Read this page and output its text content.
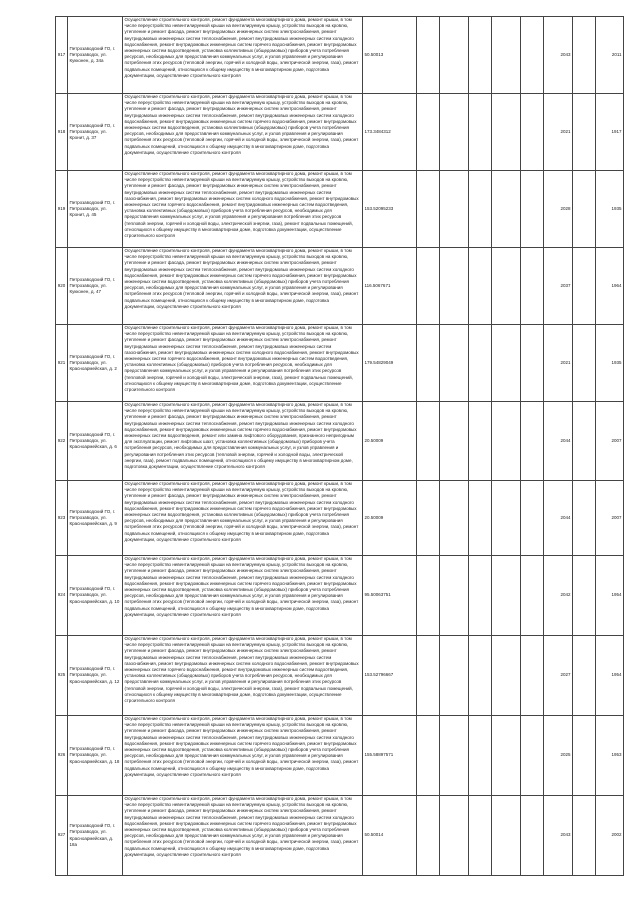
917	Петрозаводский ГО, г. Петрозаводск, ул. Кукконен, д. 34а	Осуществление строительного контроля, ремонт фундамента многоквартирного дома, ремонт крыши, в том числе переустройство невентилируемой крыши на вентилируемую крышу, устройство выходов на кровлю, утепление и ремонт фасада, ремонт внутридомовых инженерных систем электроснабжения, ремонт внутридомовых инженерных систем теплоснабжения, ремонт внутридомовых инженерных систем холодного водоснабжения, ремонт внутридомовых инженерных систем горячего водоснабжения, ремонт внутридомовых инженерных систем водоотведения, установка коллективных (общедомовых) приборов учета потребления ресурсов, необходимых для предоставления коммунальных услуг, и узлов управления и регулирования потребления этих ресурсов (тепловой энергии, горячей и холодной воды, электрической энергии, газа), ремонт подвальных помещений, относящихся к общему имуществу в многоквартирном доме, подготовка документации, осуществление строительного контроля	50.50013						2043		2011
918	Петрозаводский ГО, г. Петрозаводск, ул. Кронит, д. 37	Осуществление строительного контроля, ремонт фундамента многоквартирного дома, ремонт крыши, в том числе переустройство невентилируемой крыши на вентилируемую крышу, устройство выходов на кровлю, утепление и ремонт фасада, ремонт внутридомовых инженерных систем электроснабжения, ремонт внутридомовых инженерных систем теплоснабжения, ремонт внутридомовых инженерных систем холодного водоснабжения, ремонт внутридомовых инженерных систем горячего водоснабжения, ремонт внутридомовых инженерных систем водоотведения, установка коллективных (общедомовых) приборов учета потребления ресурсов, необходимых для предоставления коммунальных услуг, и узлов управления и регулирования потребления этих ресурсов (тепловой энергии, горячей и холодной воды, электрической энергии, газа), ремонт подвальных помещений, относящихся к общему имуществу в многоквартирном доме, подготовка документации, осуществление строительного контроля	173.3484312						2021		1917
919	Петрозаводский ГО, г. Петрозаводск, ул. Кронит, д. 45	Осуществление строительного контроля, ремонт фундамента многоквартирного дома, ремонт крыши, в том числе переустройство невентилируемой крыши на вентилируемую крышу, устройство выходов на кровлю, утепление и ремонт фасада, ремонт внутридомовых инженерных систем электроснабжения, ремонт внутридомовых инженерных систем теплоснабжения, ремонт внутридомовых инженерных систем газоснабжения, ремонт внутридомовых инженерных систем холодного водоснабжения, ремонт внутридомовых инженерных систем горячего водоснабжения, ремонт внутридомовых инженерных систем водоотведения, установка коллективных (общедомовых) приборов учета потребления ресурсов, необходимых для предоставления коммунальных услуг, и узлов управления и регулирования потребления этих ресурсов (тепловой энергии, горячей и холодной воды, электрической энергии, газа), ремонт подвальных помещений, относящихся к общему имуществу в многоквартирном доме, подготовка документации, осуществление строительного контроля	153.52095233						2028		1935
920	Петрозаводский ГО, г. Петрозаводск, ул. Кукконен, д. 47	Осуществление строительного контроля, ремонт фундамента многоквартирного дома, ремонт крыши, в том числе переустройство невентилируемой крыши на вентилируемую крышу, устройство выходов на кровлю, утепление и ремонт фасада, ремонт внутридомовых инженерных систем электроснабжения, ремонт внутридомовых инженерных систем теплоснабжения, ремонт внутридомовых инженерных систем холодного водоснабжения, ремонт внутридомовых инженерных систем горячего водоснабжения, ремонт внутридомовых инженерных систем водоотведения, установка коллективных (общедомовых) приборов учета потребления ресурсов, необходимых для предоставления коммунальных услуг, и узлов управления и регулирования потребления этих ресурсов (тепловой энергии, горячей и холодной воды, электрической энергии, газа), ремонт подвальных помещений, относящихся к общему имуществу в многоквартирном доме, подготовка документации, осуществление строительного контроля	116.5067671						2037		1964
921	Петрозаводский ГО, г. Петрозаводск, ул. Красноармейская, д. 2	Осуществление строительного контроля, ремонт фундамента многоквартирного дома, ремонт крыши, в том числе переустройство невентилируемой крыши на вентилируемую крышу, устройство выходов на кровлю, утепление и ремонт фасада, ремонт внутридомовых инженерных систем электроснабжения, ремонт внутридомовых инженерных систем теплоснабжения, ремонт внутридомовых инженерных систем газоснабжения, ремонт внутридомовых инженерных систем холодного водоснабжения, ремонт внутридомовых инженерных систем горячего водоснабжения, ремонт внутридомовых инженерных систем водоотведения, установка коллективных (общедомовых) приборов учета потребления ресурсов, необходимых для предоставления коммунальных услуг, и узлов управления и регулирования потребления этих ресурсов (тепловой энергии, горячей и холодной воды, электрической энергии, газа), ремонт подвальных помещений, относящихся к общему имуществу в многоквартирном доме, подготовка документации, осуществление строительного контроля	179.54829049						2021		1935
922	Петрозаводский ГО, г. Петрозаводск, ул. Красноармейская, д. 6	Осуществление строительного контроля, ремонт фундамента многоквартирного дома, ремонт крыши, в том числе переустройство невентилируемой крыши на вентилируемую крышу, устройство выходов на кровлю, утепление и ремонт фасада, ремонт внутридомовых инженерных систем электроснабжения, ремонт внутридомовых инженерных систем теплоснабжения, ремонт внутридомовых инженерных систем холодного водоснабжения, ремонт внутридомовых инженерных систем горячего водоснабжения, ремонт внутридомовых инженерных систем водоотведения, ремонт или замена лифтового оборудования, признанного непригодным для эксплуатации, ремонт лифтовых шахт, установка коллективных (общедомовых) приборов учета потребления ресурсов, необходимых для предоставления коммунальных услуг, и узлов управления и регулирования потребления этих ресурсов (тепловой энергии, горячей и холодной воды, электрической энергии, газа), ремонт подвальных помещений, относящихся к общему имуществу в многоквартирном доме, подготовка документации, осуществление строительного контроля	20.50009						2044		2007
923	Петрозаводский ГО, г. Петрозаводск, ул. Красноармейская, д. 9	Осуществление строительного контроля, ремонт фундамента многоквартирного дома, ремонт крыши, в том числе переустройство невентилируемой крыши на вентилируемую крышу, устройство выходов на кровлю, утепление и ремонт фасада, ремонт внутридомовых инженерных систем электроснабжения, ремонт внутридомовых инженерных систем теплоснабжения, ремонт внутридомовых инженерных систем холодного водоснабжения, ремонт внутридомовых инженерных систем горячего водоснабжения, ремонт внутридомовых инженерных систем водоотведения, установка коллективных (общедомовых) приборов учета потребления ресурсов, необходимых для предоставления коммунальных услуг, и узлов управления и регулирования потребления этих ресурсов (тепловой энергии, горячей и холодной воды, электрической энергии, газа), ремонт подвальных помещений, относящихся к общему имуществу в многоквартирном доме, подготовка документации, осуществление строительного контроля	20.50009						2044		2007
924	Петрозаводский ГО, г. Петрозаводск, ул. Красноармейская, д. 10	Осуществление строительного контроля, ремонт фундамента многоквартирного дома, ремонт крыши, в том числе переустройство невентилируемой крыши на вентилируемую крышу, устройство выходов на кровлю, утепление и ремонт фасада, ремонт внутридомовых инженерных систем электроснабжения, ремонт внутридомовых инженерных систем теплоснабжения, ремонт внутридомовых инженерных систем холодного водоснабжения, ремонт внутридомовых инженерных систем горячего водоснабжения, ремонт внутридомовых инженерных систем водоотведения, установка коллективных (общедомовых) приборов учета потребления ресурсов, необходимых для предоставления коммунальных услуг, и узлов управления и регулирования потребления этих ресурсов (тепловой энергии, горячей и холодной воды, электрической энергии, газа), ремонт подвальных помещений, относящихся к общему имуществу в многоквартирном доме, подготовка документации, осуществление строительного контроля	95.50063751						2042		1954
925	Петрозаводский ГО, г. Петрозаводск, ул. Красноармейская, д. 12	Осуществление строительного контроля, ремонт фундамента многоквартирного дома, ремонт крыши, в том числе переустройство невентилируемой крыши на вентилируемую крышу, устройство выходов на кровлю, утепление и ремонт фасада, ремонт внутридомовых инженерных систем электроснабжения, ремонт внутридомовых инженерных систем теплоснабжения, ремонт внутридомовых инженерных систем газоснабжения, ремонт внутридомовых инженерных систем холодного водоснабжения, ремонт внутридомовых инженерных систем горячего водоснабжения, ремонт внутридомовых инженерных систем водоотведения, установка коллективных (общедомовых) приборов учета потребления ресурсов, необходимых для предоставления коммунальных услуг, и узлов управления и регулирования потребления этих ресурсов (тепловой энергии, горячей и холодной воды, электрической энергии, газа), ремонт подвальных помещений, относящихся к общему имуществу в многоквартирном доме, подготовка документации, осуществление строительного контроля	153.52796667						2027		1954
926	Петрозаводский ГО, г. Петрозаводск, ул. Красноармейская, д. 18	Осуществление строительного контроля, ремонт фундамента многоквартирного дома, ремонт крыши, в том числе переустройство невентилируемой крыши на вентилируемую крышу, устройство выходов на кровлю, утепление и ремонт фасада, ремонт внутридомовых инженерных систем электроснабжения, ремонт внутридомовых инженерных систем теплоснабжения, ремонт внутридомовых инженерных систем холодного водоснабжения, ремонт внутридомовых инженерных систем горячего водоснабжения, ремонт внутридомовых инженерных систем водоотведения, установка коллективных (общедомовых) приборов учета потребления ресурсов, необходимых для предоставления коммунальных услуг, и узлов управления и регулирования потребления этих ресурсов (тепловой энергии, горячей и холодной воды, электрической энергии, газа), ремонт подвальных помещений, относящихся к общему имуществу в многоквартирном доме, подготовка документации, осуществление строительного контроля	155.58897571						2025		1953
927	Петрозаводский ГО, г. Петрозаводск, ул. Красноармейская, д. 18а	Осуществление строительного контроля, ремонт фундамента многоквартирного дома, ремонт крыши, в том числе переустройство невентилируемой крыши на вентилируемую крышу, устройство выходов на кровлю, утепление и ремонт фасада, ремонт внутридомовых инженерных систем электроснабжения, ремонт внутридомовых инженерных систем теплоснабжения, ремонт внутридомовых инженерных систем холодного водоснабжения, ремонт внутридомовых инженерных систем горячего водоснабжения, ремонт внутридомовых инженерных систем водоотведения, установка коллективных (общедомовых) приборов учета потребления ресурсов, необходимых для предоставления коммунальных услуг, и узлов управления и регулирования потребления этих ресурсов (тепловой энергии, горячей и холодной воды, электрической энергии, газа), ремонт подвальных помещений, относящихся к общему имуществу в многоквартирном доме, подготовка документации, осуществление строительного контроля	50.50014						2043		2002
